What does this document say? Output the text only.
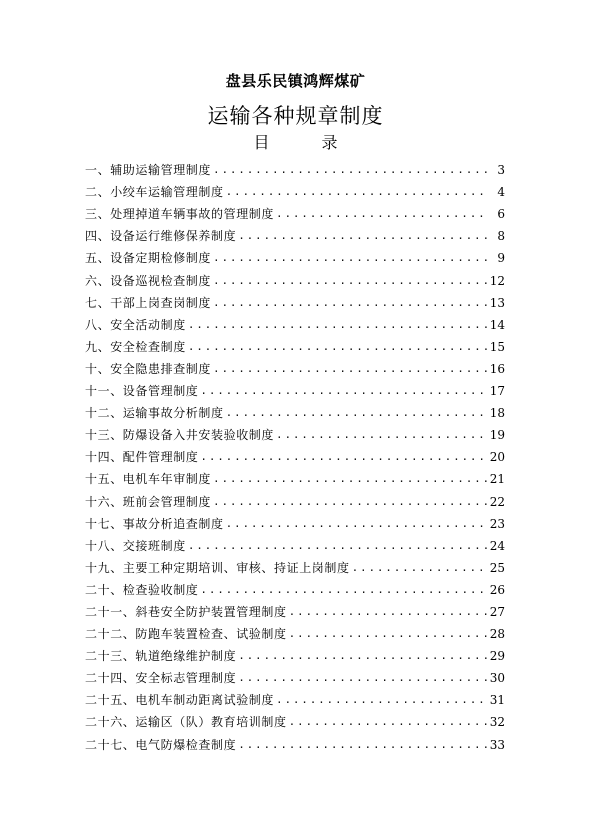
盘县乐民镇鸿辉煤矿
运输各种规章制度
目	录
一、辅助运输管理制度 .....	3
二、小绞车运输管理制度 .....	4
三、处理掉道车辆事故的管理制度 .....	6
四、设备运行维修保养制度 .....	8
五、设备定期检修制度 .....	9
六、设备巡视检查制度 .....	12
七、干部上岗查岗制度 .....	13
八、安全活动制度 .....	14
九、安全检查制度 .....	15
十、安全隐患排查制度 .....	16
十一、设备管理制度 .....	17
十二、运输事故分析制度 .....	18
十三、防爆设备入井安装验收制度 .....	19
十四、配件管理制度 .....	20
十五、电机车年审制度 .....	21
十六、班前会管理制度 .....	22
十七、事故分析追查制度 .....	23
十八、交接班制度 .....	24
十九、主要工种定期培训、审核、持证上岗制度 .....	25
二十、检查验收制度 .....	26
二十一、斜巷安全防护装置管理制度 .....	27
二十二、防跑车装置检查、试验制度 .....	28
二十三、轨道绝缘维护制度 .....	29
二十四、安全标志管理制度 .....	30
二十五、电机车制动距离试验制度 .....	31
二十六、运输区（队）教育培训制度 .....	32
二十七、电气防爆检查制度 .....	33
